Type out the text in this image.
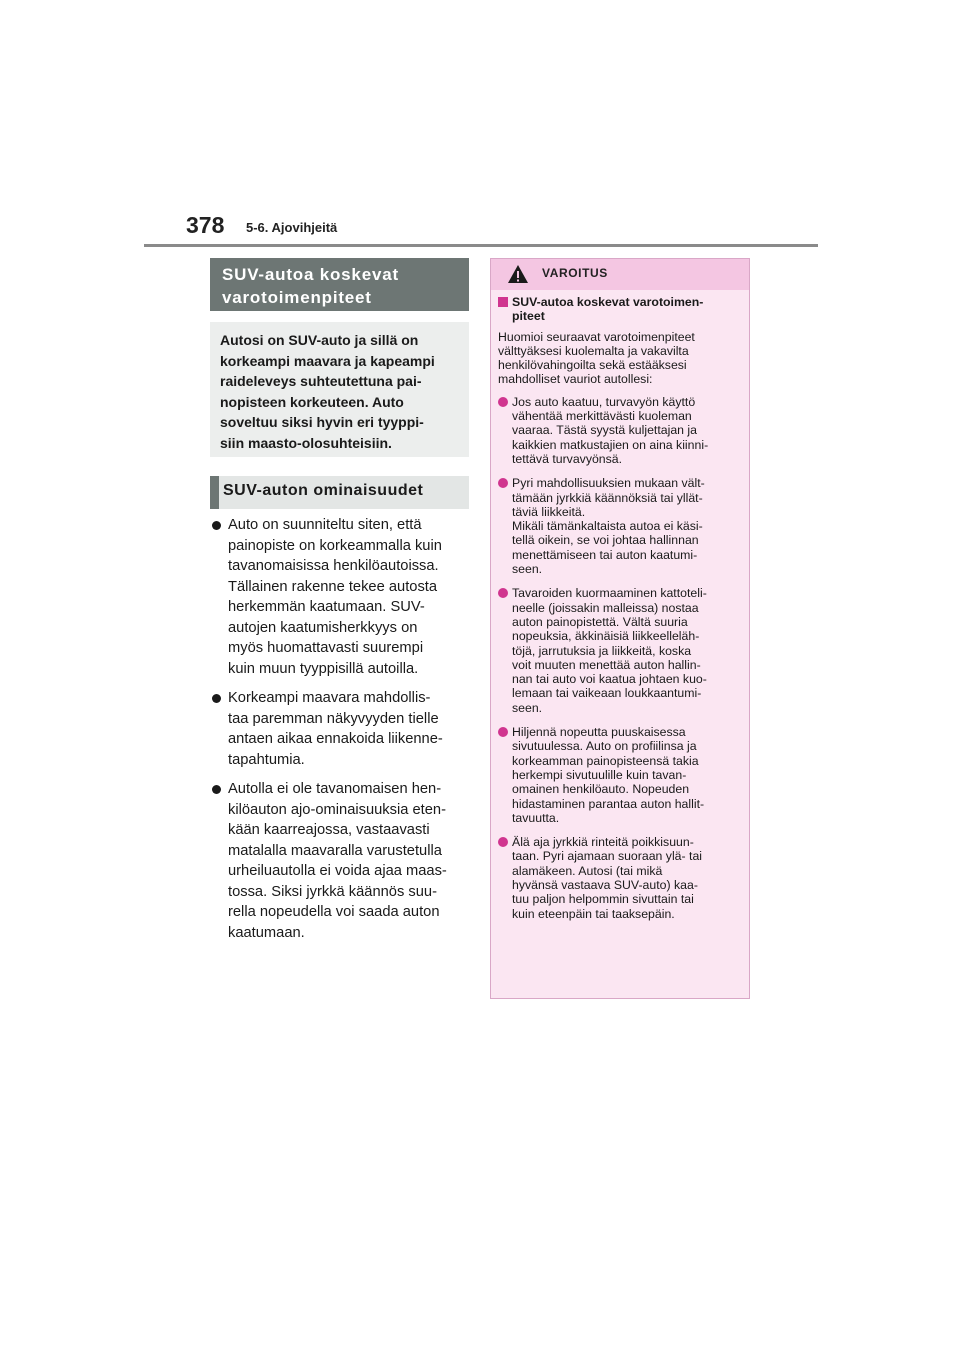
378 5-6. Ajovihjeitä
SUV-autoa koskevat
varotoimenpiteet
Autosi on SUV-auto ja sillä on
korkeampi maavara ja kapeampi
raideleveys suhteutettuna pai-
nopisteen korkeuteen. Auto
soveltuu siksi hyvin eri tyyppi-
siin maasto-olosuhteisiin.
SUV-auton ominaisuudet
Auto on suunniteltu siten, että
painopiste on korkeammalla kuin
tavanomaisissa henkilöautoissa.
Tällainen rakenne tekee autosta
herkemmän kaatumaan. SUV-
autojen kaatumisherkkyys on
myös huomattavasti suurempi
kuin muun tyyppisillä autoilla.
Korkeampi maavara mahdollis-
taa paremman näkyvyyden tielle
antaen aikaa ennakoida liikenne-
tapahtumia.
Autolla ei ole tavanomaisen hen-
kilöauton ajo-ominaisuuksia eten-
kään kaarreajossa, vastaavasti
matalalla maavaralla varustetulla
urheiluautolla ei voida ajaa maas-
tossa. Siksi jyrkkä käännös suu-
rella nopeudella voi saada auton
kaatumaan.
VAROITUS
SUV-autoa koskevat varotoimen-
piteet
Huomioi seuraavat varotoimenpiteet
välttyäksesi kuolemalta ja vakavilta
henkilövahingoilta sekä estääksesi
mahdolliset vauriot autollesi:
Jos auto kaatuu, turvavyön käyttö
vähentää merkittävästi kuoleman
vaaraa. Tästä syystä kuljettajan ja
kaikkien matkustajien on aina kiinni-
tettävä turvavyönsä.
Pyri mahdollisuuksien mukaan vält-
tämään jyrkkiä käännöksiä tai yllät-
täviä liikkeitä.
Mikäli tämänkaltaista autoa ei käsi-
tellä oikein, se voi johtaa hallinnan
menettämiseen tai auton kaatumi-
seen.
Tavaroiden kuormaaminen kattoteli-
neelle (joissakin malleissa) nostaa
auton painopistettä. Vältä suuria
nopeuksia, äkkinäisiä liikkeelleläh-
töjä, jarrutuksia ja liikkeitä, koska
voit muuten menettää auton hallin-
nan tai auto voi kaatua johtaen kuo-
lemaan tai vaikeaan loukkaantumi-
seen.
Hiljennä nopeutta puuskaisessa
sivutuulessa. Auto on profiilinsa ja
korkeamman painopisteensä takia
herkempi sivutuulille kuin tavan-
omainen henkilöauto. Nopeuden
hidastaminen parantaa auton hallit-
tavuutta.
Älä aja jyrkkiä rinteitä poikkisuun-
taan. Pyri ajamaan suoraan ylä- tai
alamäkeen. Autosi (tai mikä
hyvänsä vastaava SUV-auto) kaa-
tuu paljon helpommin sivuttain tai
kuin eteenpäin tai taaksepäin.
